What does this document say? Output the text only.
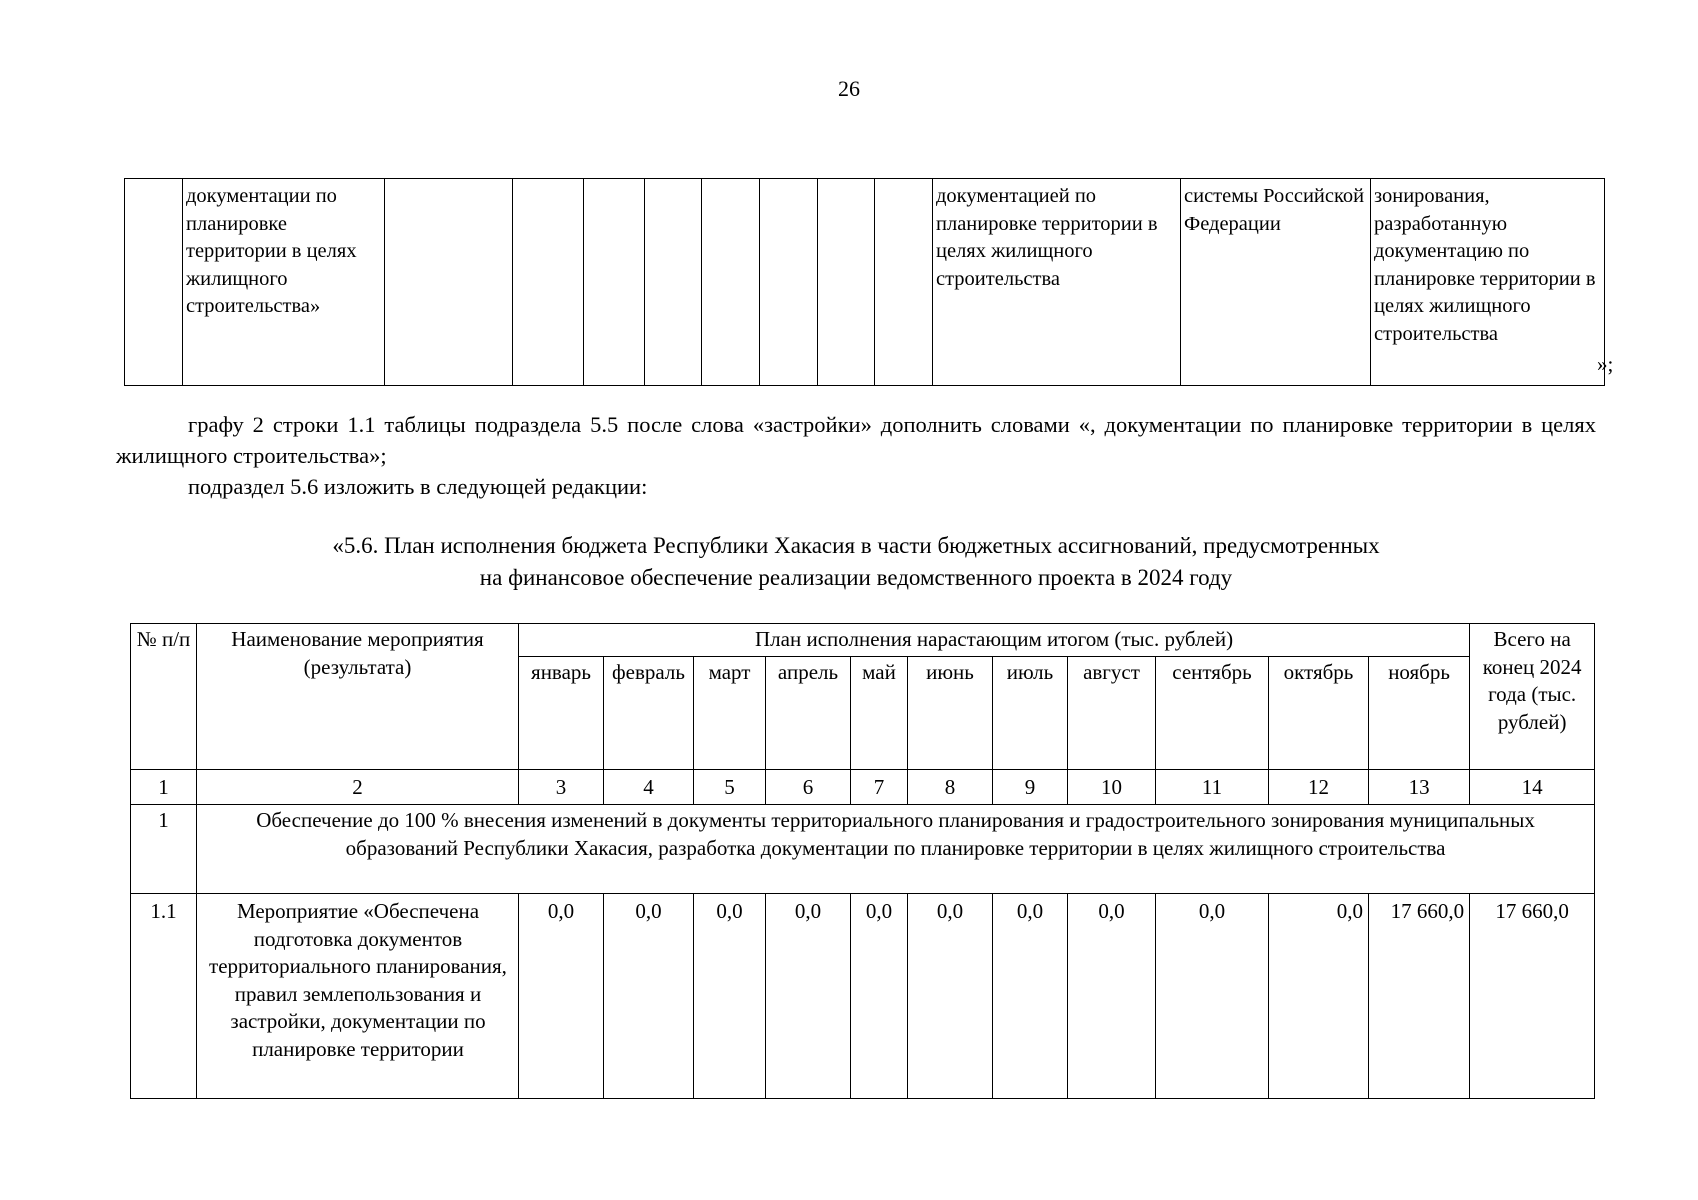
26
	документации по планировке территории в целях жилищного строительства»									документацией по планировке территории в целях жилищного строительства	системы Российской Федерации	зонирования, разработанную документацию по планировке территории в целях жилищного строительства
»;
графу 2 строки 1.1 таблицы подраздела 5.5 после слова «застройки» дополнить словами «, документации по планировке территории в целях жилищного строительства»;
подраздел 5.6 изложить в следующей редакции:
«5.6. План исполнения бюджета Республики Хакасия в части бюджетных ассигнований, предусмотренных
на финансовое обеспечение реализации ведомственного проекта в 2024 году
№ п/п	Наименование мероприятия (результата)	План исполнения нарастающим итогом (тыс. рублей)											Всего на конец 2024 года (тыс. рублей)
		январь	февраль	март	апрель	май	июнь	июль	август	сентябрь	октябрь	ноябрь	
1	2	3	4	5	6	7	8	9	10	11	12	13	14
1	Обеспечение до 100 % внесения изменений в документы территориального планирования и градостроительного зонирования муниципальных образований Республики Хакасия, разработка документации по планировке территории в целях жилищного строительства												
1.1	Мероприятие «Обеспечена подготовка документов территориального планирования, правил землепользования и застройки, документации по планировке территории	0,0	0,0	0,0	0,0	0,0	0,0	0,0	0,0	0,0	0,0	17 660,0	17 660,0
